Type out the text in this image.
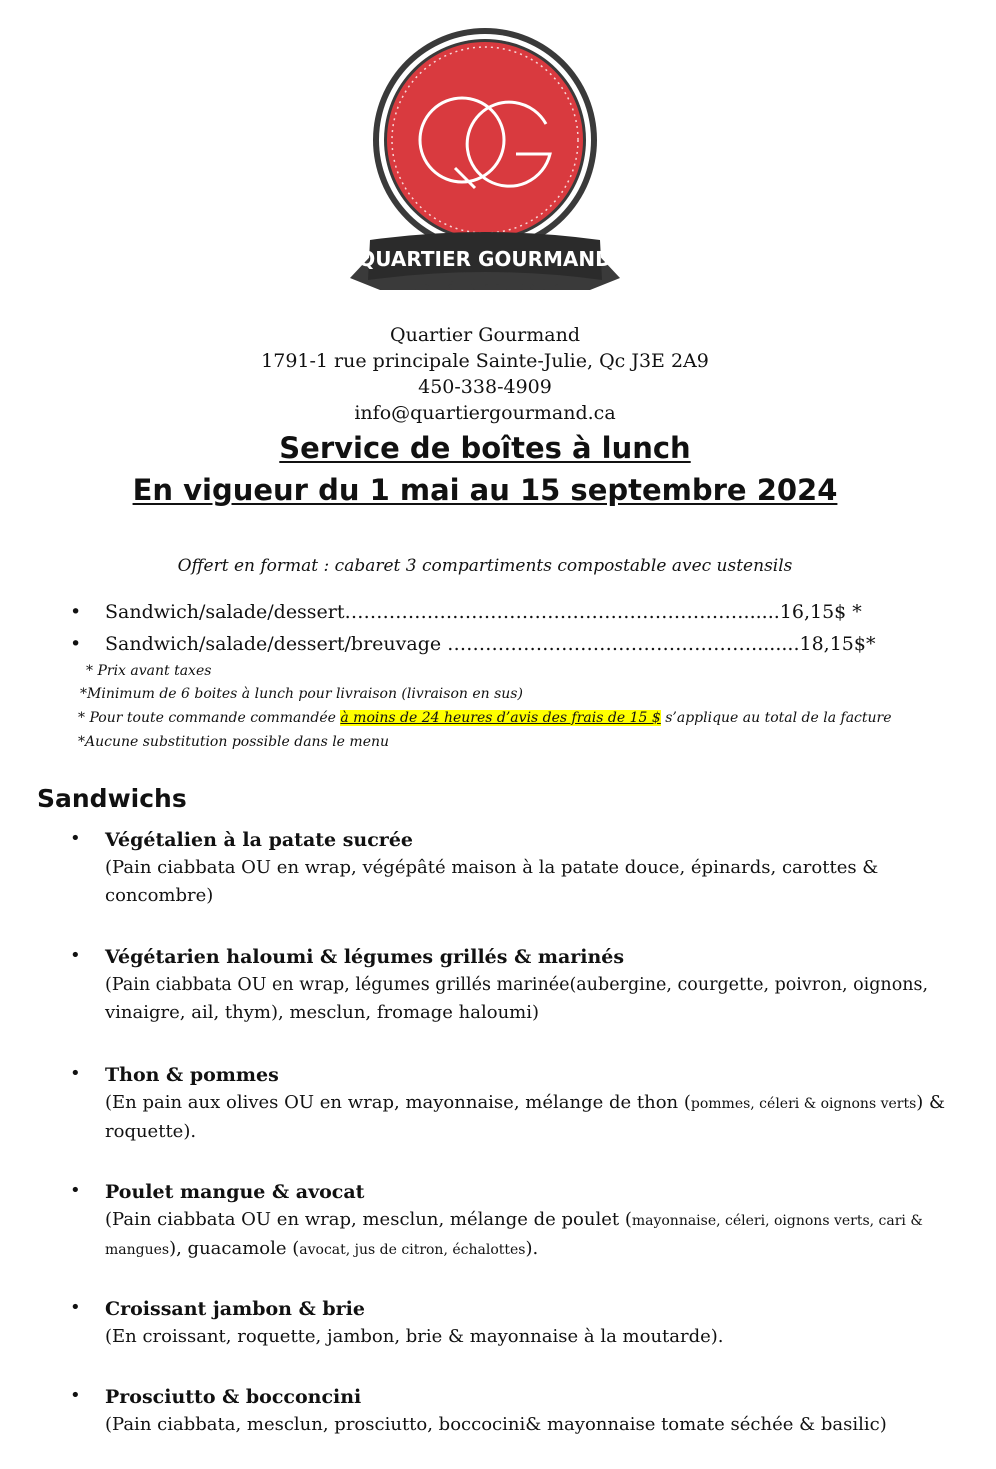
QUARTIER GOURMAND
café-traiteur
Quartier Gourmand
1791-1 rue principale Sainte-Julie, Qc J3E 2A9
450-338-4909
info@quartiergourmand.ca
Service de boîtes à lunch
En vigueur du 1 mai au 15 septembre 2024
Offert en format : cabaret 3 compartiments compostable avec ustensils
• Sandwich/salade/dessert………………………………………………………......16,15$ *
• Sandwich/salade/dessert/breuvage …………………………………………........18,15$*
* Prix avant taxes
*Minimum de 6 boites à lunch pour livraison (livraison en sus)
* Pour toute commande commandée à moins de 24 heures d’avis des frais de 15 $ s’applique au total de la facture
*Aucune substitution possible dans le menu
Sandwichs
• Végétalien à la patate sucrée
(Pain ciabbata OU en wrap, végépâté maison à la patate douce, épinards, carottes &
concombre)
• Végétarien haloumi & légumes grillés & marinés
(Pain ciabbata OU en wrap, légumes grillés marinée(aubergine, courgette, poivron, oignons,
vinaigre, ail, thym), mesclun, fromage haloumi)
• Thon & pommes
(En pain aux olives OU en wrap, mayonnaise, mélange de thon (pommes, céleri & oignons verts) &
roquette).
• Poulet mangue & avocat
(Pain ciabbata OU en wrap, mesclun, mélange de poulet (mayonnaise, céleri, oignons verts, cari &
mangues), guacamole (avocat, jus de citron, échalottes).
• Croissant jambon & brie
(En croissant, roquette, jambon, brie & mayonnaise à la moutarde).
• Prosciutto & bocconcini
(Pain ciabbata, mesclun, prosciutto, boccocini& mayonnaise tomate séchée & basilic)
